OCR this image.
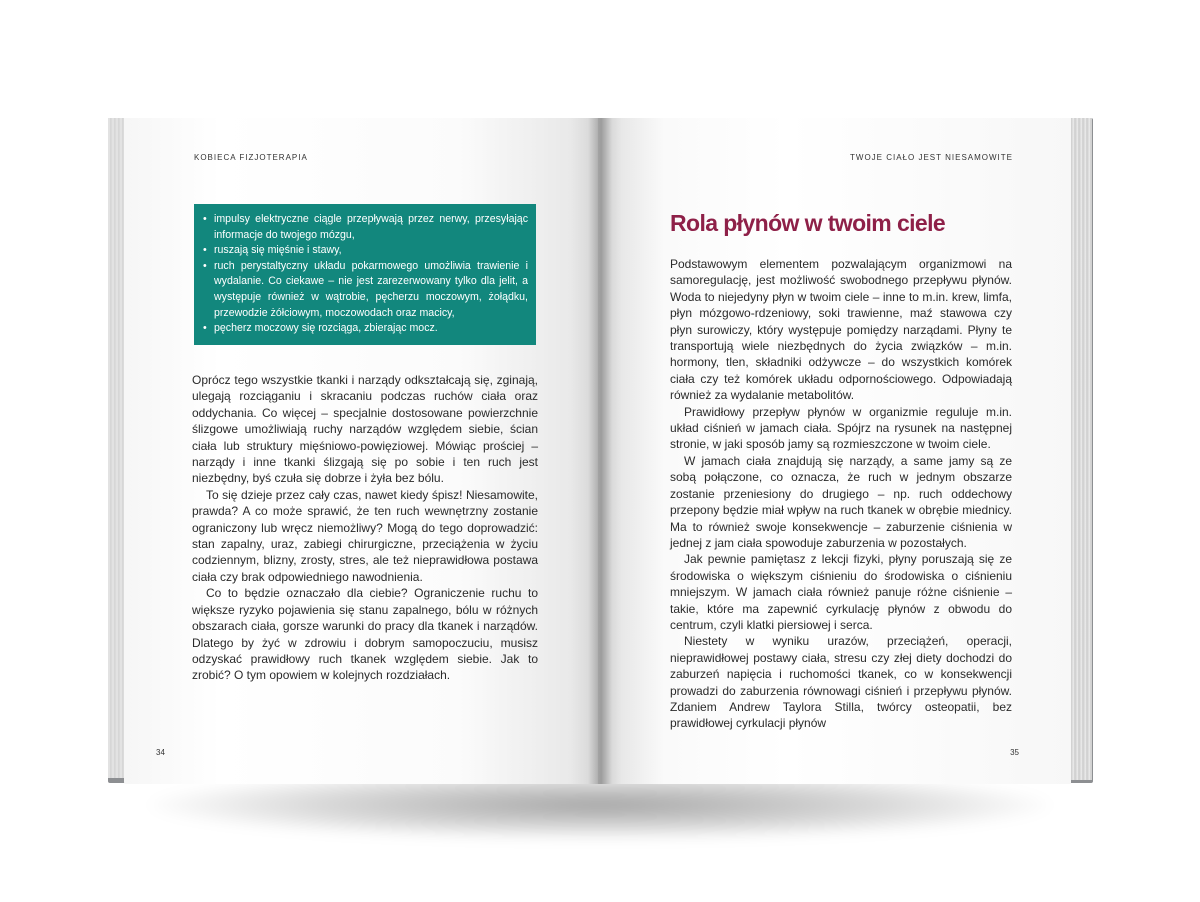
KOBIECA FIZJOTERAPIA
• impulsy elektryczne ciągle przepływają przez nerwy, przesyłając informacje do twojego mózgu,
• ruszają się mięśnie i stawy,
• ruch perystaltyczny układu pokarmowego umożliwia trawienie i wydalanie. Co ciekawe – nie jest zarezerwowany tylko dla jelit, a występuje również w wątrobie, pęcherzu moczowym, żołądku, przewodzie żółciowym, moczowodach oraz macicy,
• pęcherz moczowy się rozciąga, zbierając mocz.

Oprócz tego wszystkie tkanki i narządy odkształcają się, zginają, ulegają rozciąganiu i skracaniu podczas ruchów ciała oraz oddychania. Co więcej – specjalnie dostosowane powierzchnie ślizgowe umożliwiają ruchy narządów względem siebie, ścian ciała lub struktury mięśniowo-powięziowej. Mówiąc prościej – narządy i inne tkanki ślizgają się po sobie i ten ruch jest niezbędny, byś czuła się dobrze i żyła bez bólu.

To się dzieje przez cały czas, nawet kiedy śpisz! Niesamowite, prawda? A co może sprawić, że ten ruch wewnętrzny zostanie ograniczony lub wręcz niemożliwy? Mogą do tego doprowadzić: stan zapalny, uraz, zabiegi chirurgiczne, przeciążenia w życiu codziennym, blizny, zrosty, stres, ale też nieprawidłowa postawa ciała czy brak odpowiedniego nawodnienia.

Co to będzie oznaczało dla ciebie? Ograniczenie ruchu to większe ryzyko pojawienia się stanu zapalnego, bólu w różnych obszarach ciała, gorsze warunki do pracy dla tkanek i narządów. Dlatego by żyć w zdrowiu i dobrym samopoczuciu, musisz odzyskać prawidłowy ruch tkanek względem siebie. Jak to zrobić? O tym opowiem w kolejnych rozdziałach.

34
TWOJE CIAŁO JEST NIESAMOWITE
Rola płynów w twoim ciele

Podstawowym elementem pozwalającym organizmowi na samoregulację, jest możliwość swobodnego przepływu płynów. Woda to niejedyny płyn w twoim ciele – inne to m.in. krew, limfa, płyn mózgowo-rdzeniowy, soki trawienne, maź stawowa czy płyn surowiczy, który występuje pomiędzy narządami. Płyny te transportują wiele niezbędnych do życia związków – m.in. hormony, tlen, składniki odżywcze – do wszystkich komórek ciała czy też komórek układu odpornościowego. Odpowiadają również za wydalanie metabolitów.

Prawidłowy przepływ płynów w organizmie reguluje m.in. układ ciśnień w jamach ciała. Spójrz na rysunek na następnej stronie, w jaki sposób jamy są rozmieszczone w twoim ciele.

W jamach ciała znajdują się narządy, a same jamy są ze sobą połączone, co oznacza, że ruch w jednym obszarze zostanie przeniesiony do drugiego – np. ruch oddechowy przepony będzie miał wpływ na ruch tkanek w obrębie miednicy. Ma to również swoje konsekwencje – zaburzenie ciśnienia w jednej z jam ciała spowoduje zaburzenia w pozostałych.

Jak pewnie pamiętasz z lekcji fizyki, płyny poruszają się ze środowiska o większym ciśnieniu do środowiska o ciśnieniu mniejszym. W jamach ciała również panuje różne ciśnienie – takie, które ma zapewnić cyrkulację płynów z obwodu do centrum, czyli klatki piersiowej i serca.

Niestety w wyniku urazów, przeciążeń, operacji, nieprawidłowej postawy ciała, stresu czy złej diety dochodzi do zaburzeń napięcia i ruchomości tkanek, co w konsekwencji prowadzi do zaburzenia równowagi ciśnień i przepływu płynów. Zdaniem Andrew Taylora Stilla, twórcy osteopatii, bez prawidłowej cyrkulacji płynów

35
